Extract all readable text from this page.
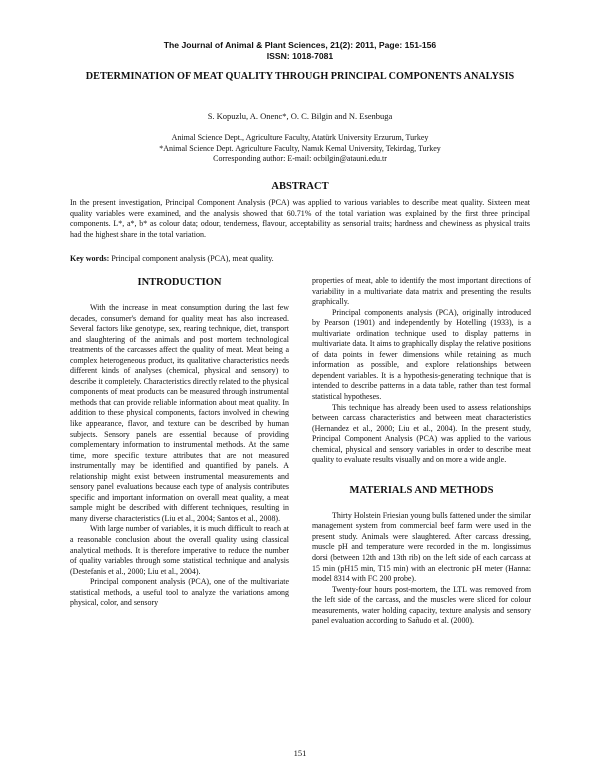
The Journal of Animal & Plant Sciences, 21(2): 2011, Page: 151-156
ISSN: 1018-7081
DETERMINATION OF MEAT QUALITY THROUGH PRINCIPAL COMPONENTS ANALYSIS
S. Kopuzlu, A. Onenc*, O. C. Bilgin and N. Esenbuga
Animal Science Dept., Agriculture Faculty, Atatürk University Erzurum, Turkey
*Animal Science Dept. Agriculture Faculty, Namık Kemal University, Tekirdag, Turkey
Corresponding author: E-mail: ocbilgin@atauni.edu.tr
ABSTRACT
In the present investigation, Principal Component Analysis (PCA) was applied to various variables to describe meat quality. Sixteen meat quality variables were examined, and the analysis showed that 60.71% of the total variation was explained by the first three principal components. L*, a*, b* as colour data; odour, tenderness, flavour, acceptability as sensorial traits; hardness and chewiness as physical traits had the highest share in the total variation.
Key words: Principal component analysis (PCA), meat quality.
INTRODUCTION

With the increase in meat consumption during the last few decades, consumer's demand for quality meat has also increased. Several factors like genotype, sex, rearing technique, diet, transport and slaughtering of the animals and post mortem technological treatments of the carcasses affect the quality of meat. Meat being a complex heterogeneous product, its qualitative characteristics needs different kinds of analyses (chemical, physical and sensory) to describe it completely. Characteristics directly related to the physical components of meat products can be measured through instrumental methods that can provide reliable information about meat quality. In addition to these physical components, factors involved in chewing like appearance, flavor, and texture can be described by human subjects. Sensory panels are essential because of providing complementary information to instrumental methods. At the same time, more specific texture attributes that are not measured instrumentally may be identified and quantified by panels. A relationship might exist between instrumental measurements and sensory panel evaluations because each type of analysis contributes specific and important information on overall meat quality, a meat sample might be described with different techniques, resulting in many diverse characteristics (Liu et al., 2004; Santos et al., 2008).

With large number of variables, it is much difficult to reach at a reasonable conclusion about the overall quality using classical analytical methods. It is therefore imperative to reduce the number of quality variables through some statistical technique and analysis (Destefanis et al., 2000; Liu et al., 2004).

Principal component analysis (PCA), one of the multivariate statistical methods, a useful tool to analyze the variations among physical, color, and sensory

properties of meat, able to identify the most important directions of variability in a multivariate data matrix and presenting the results graphically.

Principal components analysis (PCA), originally introduced by Pearson (1901) and independently by Hotelling (1933), is a multivariate ordination technique used to display patterns in multivariate data. It aims to graphically display the relative positions of data points in fewer dimensions while retaining as much information as possible, and explore relationships between dependent variables. It is a hypothesis-generating technique that is intended to describe patterns in a data table, rather than test formal statistical hypotheses.

This technique has already been used to assess relationships between carcass characteristics and between meat characteristics (Hernandez et al., 2000; Liu et al., 2004). In the present study, Principal Component Analysis (PCA) was applied to the various chemical, physical and sensory variables in order to describe meat quality to evaluate results visually and on more a wide angle.

MATERIALS AND METHODS

Thirty Holstein Friesian young bulls fattened under the similar management system from commercial beef farm were used in the present study. Animals were slaughtered. After carcass dressing, muscle pH and temperature were recorded in the m. longissimus dorsi (between 12th and 13th rib) on the left side of each carcass at 15 min (pH15 min, T15 min) with an electronic pH meter (Hanna: model 8314 with FC 200 probe).

Twenty-four hours post-mortem, the LTL was removed from the left side of the carcass, and the muscles were sliced for colour measurements, water holding capacity, texture analysis and sensory panel evaluation according to Sañudo et al. (2000).

151
